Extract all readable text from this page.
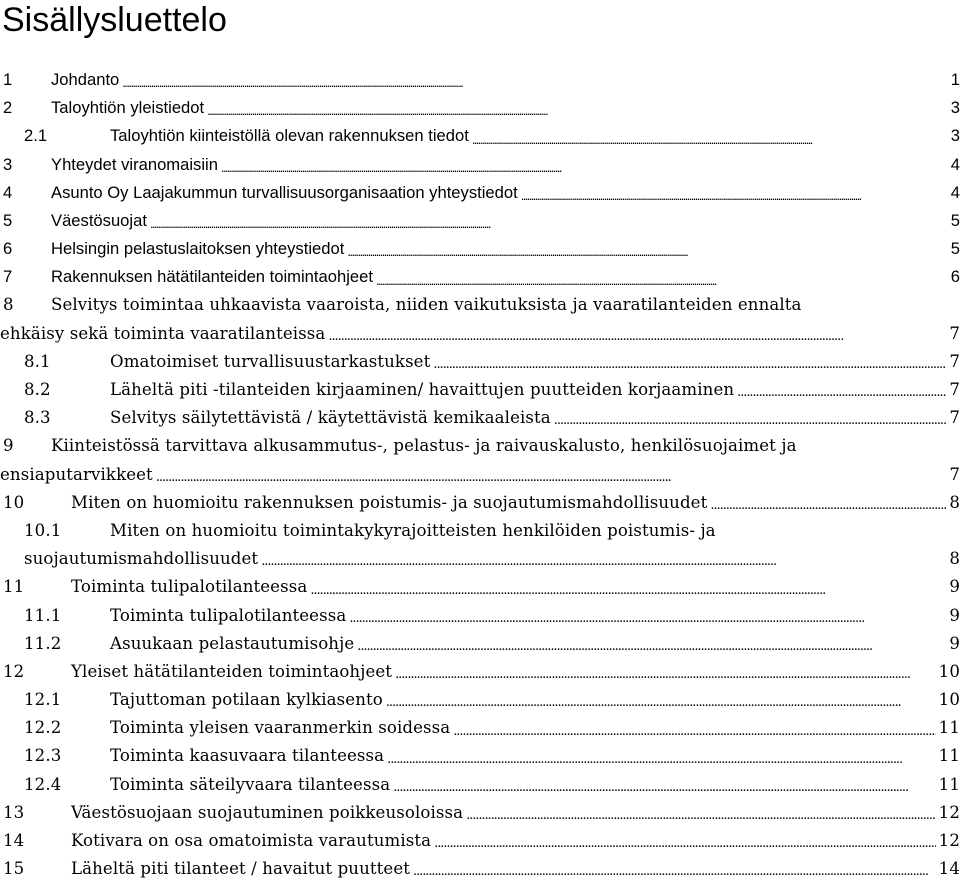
Sisällysluettelo
1	Johdanto . . .	1
2	Taloyhtiön yleistiedot . . .	3
2.1	Taloyhtiön kiinteistöllä olevan rakennuksen tiedot . . .	3
3	Yhteydet viranomaisiin . . .	4
4	Asunto Oy Laajakummun turvallisuusorganisaation yhteystiedot . . .	4
5	Väestösuojat . . .	5
6	Helsingin pelastuslaitoksen yhteystiedot . . .	5
7	Rakennuksen hätätilanteiden toimintaohjeet . . .	6
8	Selvitys toimintaa uhkaavista vaaroista, niiden vaikutuksista ja vaaratilanteiden ennalta
ehkäisy sekä toiminta vaaratilanteissa . . .	7
8.1	Omatoimiset turvallisuustarkastukset . . .	7
8.2	Läheltä piti -tilanteiden kirjaaminen/ havaittujen puutteiden korjaaminen . . .	7
8.3	Selvitys säilytettävistä / käytettävistä kemikaaleista . . .	7
9	Kiinteistössä tarvittava alkusammutus-, pelastus- ja raivauskalusto, henkilösuojaimet ja
ensiaputarvikkeet . . .	7
10	Miten on huomioitu rakennuksen poistumis- ja suojautumismahdollisuudet . . .	8
10.1	Miten on huomioitu toimintakykyrajoitteisten henkilöiden poistumis- ja
suojautumismahdollisuudet . . .	8
11	Toiminta tulipalotilanteessa . . .	9
11.1	Toiminta tulipalotilanteessa . . .	9
11.2	Asuukaan pelastautumisohje . . .	9
12	Yleiset hätätilanteiden toimintaohjeet . . .	10
12.1	Tajuttoman potilaan kylkiasento . . .	10
12.2	Toiminta yleisen vaaranmerkin soidessa . . .	11
12.3	Toiminta kaasuvaara tilanteessa . . .	11
12.4	Toiminta säteilyvaara tilanteessa . . .	11
13	Väestösuojaan suojautuminen poikkeusoloissa . . .	12
14	Kotivara on osa omatoimista varautumista . . .	12
15	Läheltä piti tilanteet / havaitut puutteet . . .	14
